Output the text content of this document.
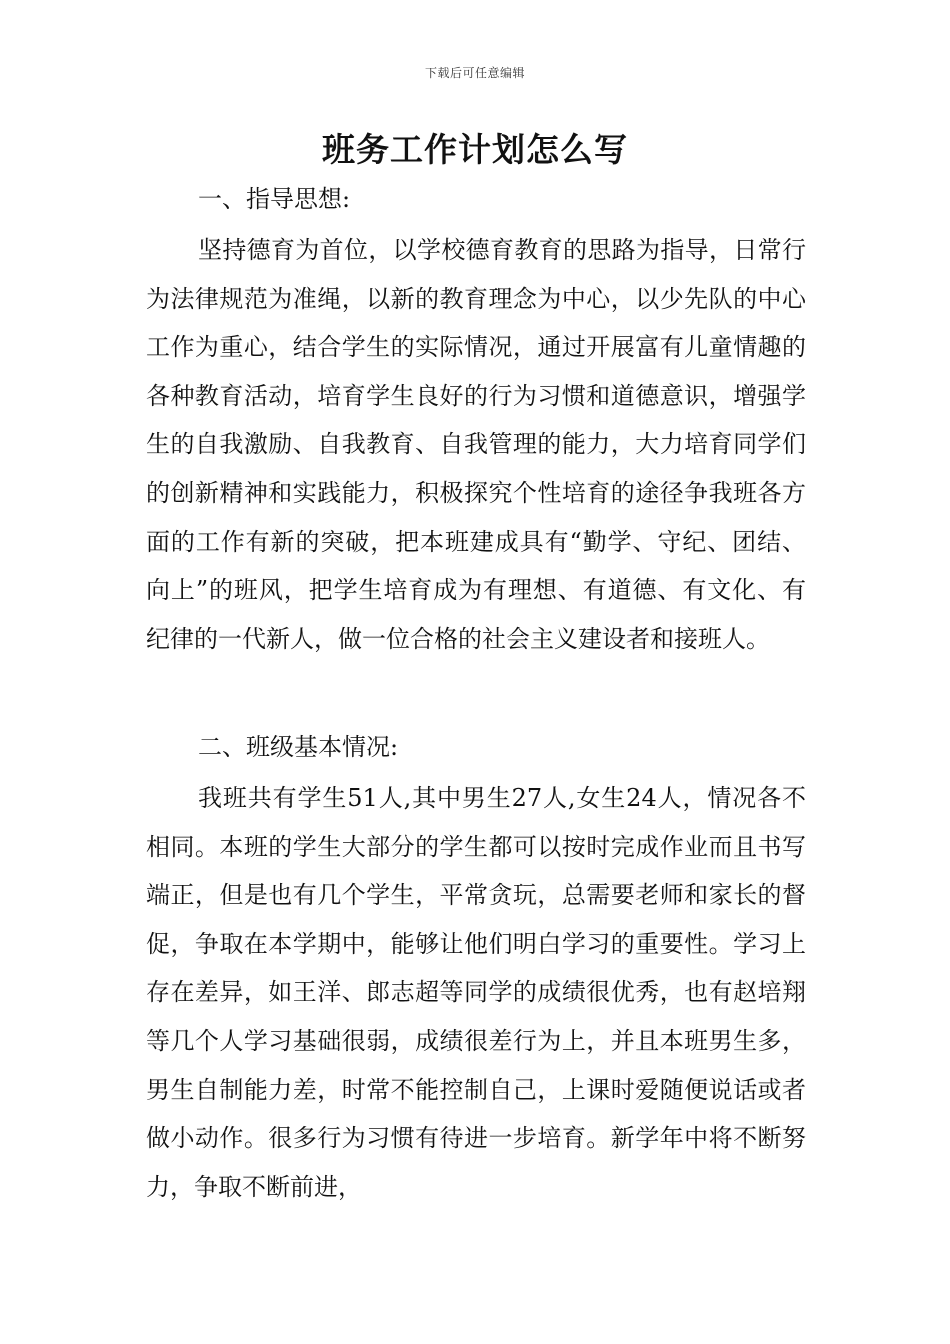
下载后可任意编辑
班务工作计划怎么写

一、指导思想:

坚持德育为首位，以学校德育教育的思路为指导，日常行为法律规范为准绳，以新的教育理念为中心，以少先队的中心工作为重心，结合学生的实际情况，通过开展富有儿童情趣的各种教育活动，培育学生良好的行为习惯和道德意识，增强学生的自我激励、自我教育、自我管理的能力，大力培育同学们的创新精神和实践能力，积极探究个性培育的途径争我班各方面的工作有新的突破，把本班建成具有“勤学、守纪、团结、向上”的班风，把学生培育成为有理想、有道德、有文化、有纪律的一代新人，做一位合格的社会主义建设者和接班人。

二、班级基本情况:

我班共有学生51人,其中男生27人,女生24人，情况各不相同。本班的学生大部分的学生都可以按时完成作业而且书写端正，但是也有几个学生，平常贪玩，总需要老师和家长的督促，争取在本学期中，能够让他们明白学习的重要性。学习上存在差异，如王洋、郎志超等同学的成绩很优秀，也有赵培翔等几个人学习基础很弱，成绩很差行为上，并且本班男生多，男生自制能力差，时常不能控制自己，上课时爱随便说话或者做小动作。很多行为习惯有待进一步培育。新学年中将不断努力，争取不断前进，
